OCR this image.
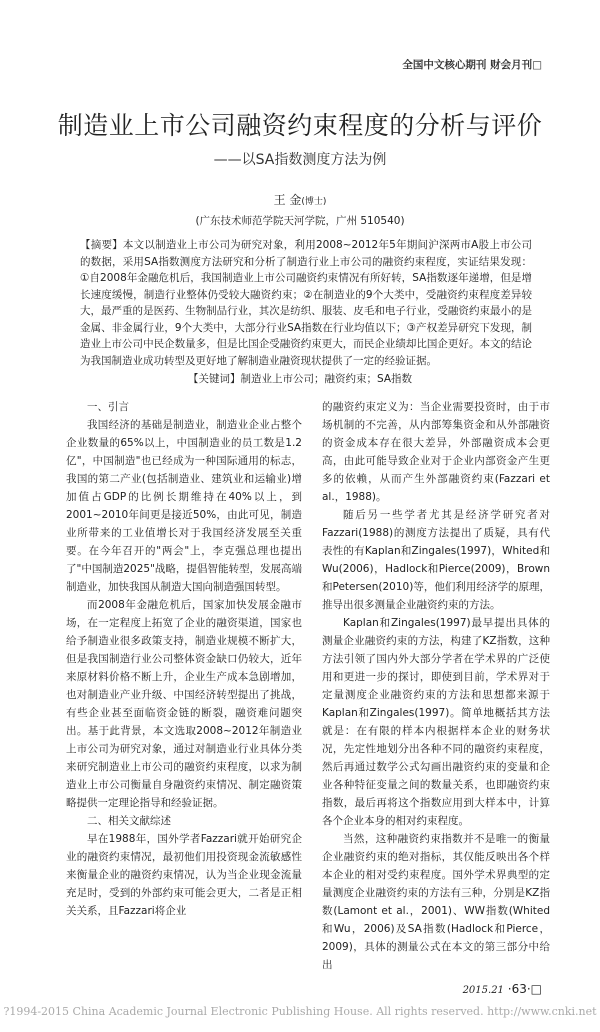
全国中文核心期刊 财会月刊□
制造业上市公司融资约束程度的分析与评价
——以SA指数测度方法为例
王 金(博士)
(广东技术师范学院天河学院，广州 510540)
【摘要】本文以制造业上市公司为研究对象，利用2008~2012年5年期间沪深两市A股上市公司的数据，采用SA指数测度方法研究和分析了制造行业上市公司的融资约束程度，实证结果发现：①自2008年金融危机后，我国制造业上市公司融资约束情况有所好转，SA指数逐年递增，但是增长速度缓慢，制造行业整体仍受较大融资约束；②在制造业的9个大类中，受融资约束程度差异较大，最严重的是医药、生物制品行业，其次是纺织、服装、皮毛和电子行业，受融资约束最小的是金属、非金属行业，9个大类中，大部分行业SA指数在行业均值以下；③产权差异研究下发现，制造业上市公司中民企数量多，但是比国企受融资约束更大，而民企业绩却比国企更好。本文的结论为我国制造业成功转型及更好地了解制造业融资现状提供了一定的经验证据。
【关键词】制造业上市公司；融资约束；SA指数
一、引言

我国经济的基础是制造业，制造业企业占整个企业数量的65%以上，中国制造业的员工数是1.2亿"，中国制造"也已经成为一种国际通用的标志，我国的第二产业(包括制造业、建筑业和运输业)增加值占GDP的比例长期维持在40%以上，到2001~2010年间更是接近50%，由此可见，制造业所带来的工业值增长对于我国经济发展至关重要。在今年召开的"两会"上，李克强总理也提出了"中国制造2025"战略，提倡智能转型，发展高端制造业，加快我国从制造大国向制造强国转型。

而2008年金融危机后，国家加快发展金融市场，在一定程度上拓宽了企业的融资渠道，国家也给予制造业很多政策支持，制造业规模不断扩大，但是我国制造行业公司整体资金缺口仍较大，近年来原材料价格不断上升，企业生产成本急剧增加，也对制造业产业升级、中国经济转型提出了挑战，有些企业甚至面临资金链的断裂，融资难问题突出。基于此背景，本文选取2008~2012年制造业上市公司为研究对象，通过对制造业行业具体分类来研究制造业上市公司的融资约束程度，以求为制造业上市公司衡量自身融资约束情况、制定融资策略提供一定理论指导和经验证据。

二、相关文献综述

早在1988年，国外学者Fazzari就开始研究企业的融资约束情况，最初他们用投资现金流敏感性来衡量企业的融资约束情况，认为当企业现金流量充足时，受到的外部约束可能会更大，二者是正相关关系，且Fazzari将企业

的融资约束定义为：当企业需要投资时，由于市场机制的不完善，从内部筹集资金和从外部融资的资金成本存在很大差异，外部融资成本会更高，由此可能导致企业对于企业内部资金产生更多的依赖，从而产生外部融资约束(Fazzari et al.，1988)。

随后另一些学者尤其是经济学研究者对Fazzari(1988)的测度方法提出了质疑，具有代表性的有Kaplan和Zingales(1997)，Whited和Wu(2006)，Hadlock和Pierce(2009)，Brown和Petersen(2010)等，他们利用经济学的原理，推导出很多测量企业融资约束的方法。

Kaplan和Zingales(1997)最早提出具体的测量企业融资约束的方法，构建了KZ指数，这种方法引领了国内外大部分学者在学术界的广泛使用和更进一步的探讨，即使到目前，学术界对于定量测度企业融资约束的方法和思想都来源于Kaplan和Zingales(1997)。简单地概括其方法就是：在有限的样本内根据样本企业的财务状况，先定性地划分出各种不同的融资约束程度，然后再通过数学公式勾画出融资约束的变量和企业各种特征变量之间的数量关系，也即融资约束指数，最后再将这个指数应用到大样本中，计算各个企业本身的相对约束程度。

当然，这种融资约束指数并不是唯一的衡量企业融资约束的绝对指标，其仅能反映出各个样本企业的相对受约束程度。国外学术界典型的定量测度企业融资约束的方法有三种，分别是KZ指数(Lamont et al.，2001)、WW指数(Whited和Wu，2006)及SA指数(Hadlock和Pierce，2009)，具体的测量公式在本文的第三部分中给出

2015.21 ·63·□
?1994-2015 China Academic Journal Electronic Publishing House. All rights reserved. http://www.cnki.net
